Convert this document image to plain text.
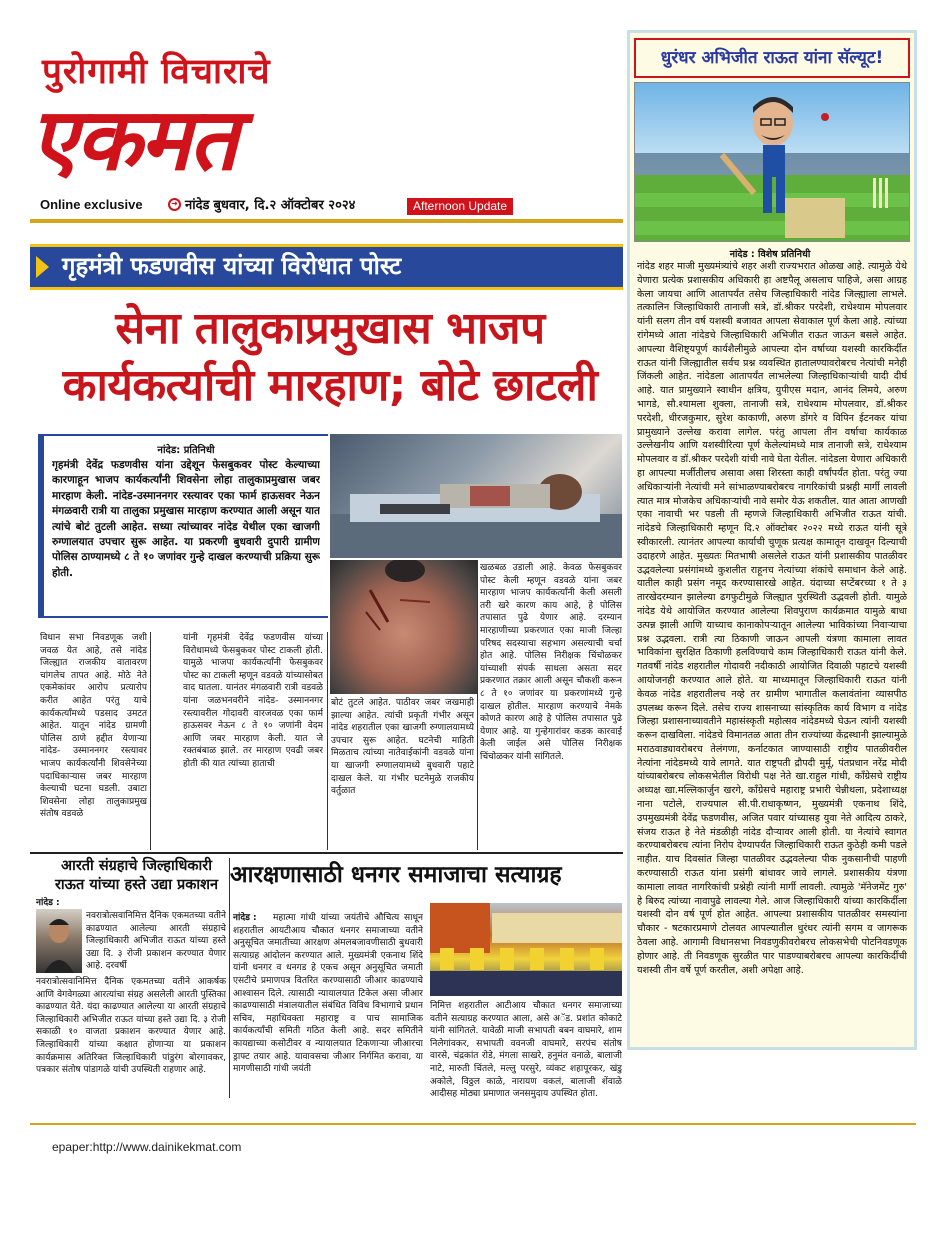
धुरंधर अभिजीत राऊत यांना सॅल्यूट!
नांदेड : विशेष प्रतिनिधी
नांदेड शहर माजी मुख्यमंत्र्यांचे शहर अशी राज्यभरात ओळख आहे. त्यामुळे येथे येणारा प्रत्येक प्रशासकीय अधिकारी हा अष्टपैलू असलाच पाहिजे, असा आग्रह केला जायचा आणि आतापर्यंत तसेच जिल्हाधिकारी नांदेड जिल्ह्याला लाभले. तत्कालिन जिल्हाधिकारी तानाजी सत्रे, डॉ.श्रीकर परदेशी, राधेश्याम मोपलवार यांनी सलग तीन वर्ष यशस्वी बजावत आपला सेवाकाल पूर्ण केला आहे. त्यांच्या रांगेमध्ये आता नांदेडचे जिल्हाधिकारी अभिजीत राऊत जाऊन बसले आहेत. आपल्या वैशिष्ट्यपूर्ण कार्यशैलीमुळे आपल्या दोन वर्षाच्या यशस्वी कारकिर्दीत राऊत यांनी जिल्ह्यातील सर्वच प्रश्न व्यवस्थित हातालण्यावरोबरच नेत्यांची मनेही जिंकली आहेत. नांदेडला आतापर्यंत लाभलेल्या जिल्हाधिकाऱ्यांची यादी दीर्घ आहे. यात प्रामुख्याने स्वाधीन क्षत्रिय, युपीएस मदान, आनंद लिमये, अरुण भागडे, सौ.श्यामला शुक्ला, तानाजी सत्रे, राधेश्याम मोपलवार, डॉ.श्रीकर परदेशी, धीरजकुमार, सुरेश काकाणी, अरुण डोंगरे व विपिन ईटनकर यांचा प्रामुख्याने उल्लेख करावा लागेल. परंतु आपला तीन वर्षाचा कार्यकाळ उल्लेखनीय आणि यशस्वीरित्या पूर्ण केलेल्यांमध्ये मात्र तानाजी सत्रे, राधेश्याम मोपलवार व डॉ.श्रीकर परदेशी यांची नावे घेता येतील. नांदेडला येणारा अधिकारी हा आपल्या मर्जीतीलच असावा असा शिरस्ता काही वर्षांपर्यंत होता. परंतु ज्या अधिकाऱ्यांनी नेत्यांची मने सांभाळण्याबरोबरच नागरिकांची प्रश्नही मार्गी लावली त्यात मात्र मोजकेच अधिकाऱ्यांची नावे समोर येऊ शकतील. यात आता आणखी एका नावाची भर पडली ती म्हणजे जिल्हाधिकारी अभिजीत राऊत यांची. नांदेडचे जिल्हाधिकारी म्हणून दि.२ ऑक्टोबर २०२२ मध्ये राऊत यांनी सूत्रे स्वीकारली. त्यानंतर आपल्या कार्याची चुणूक प्रत्यक्ष कामातून दाखवून दिल्याची उदाहरणे आहेत. मुख्यतः मितभाषी असलेले राऊत यांनी प्रशासकीय पातळीवर उद्भवलेल्या प्रसंगांमध्ये कुशलीत राहूनच नेत्यांच्या शंकांचे समाधान केले आहे. यातील काही प्रसंग नमूद करण्यासारखे आहेत. यंदाच्या सप्टेंबरच्या १ ते ३ तारखेदरम्यान झालेल्या ढगफुटीमुळे जिल्ह्यात पुरस्थिती उद्भवली होती. यामुळे नांदेड येथे आयोजित करण्यात आलेल्या शिवपुराण कार्यक्रमात यामुळे बाधा उत्पन्न झाली आणि याच्याच कानाकोपऱ्यातून आलेल्या भाविकांच्या निवाऱ्याचा प्रश्न उद्भवला. रात्री त्या ठिकाणी जाऊन आपली यंत्रणा कामाला लावत भाविकांना सुरक्षित ठिकाणी हलविण्याचे काम जिल्हाधिकारी राऊत यांनी केले. गतवर्षी नांदेड शहरातील गोदावरी नदीकाठी आयोजित दिवाळी पहाटचे यशस्वी आयोजनही करण्यात आले होते. या माध्यमातून जिल्हाधिकारी राऊत यांनी केवळ नांदेड शहरातीलच नव्हे तर ग्रामीण भागातील कलावंतांना व्यासपीठ उपलब्ध करून दिले. तसेच राज्य शासनाच्या सांस्कृतिक कार्य विभाग व नांदेड जिल्हा प्रशासनाच्यावतीने महासंस्कृती महोत्सव नांदेडमध्ये घेऊन त्यांनी यशस्वी करून दाखविला. नांदेडचे विमानतळ आता तीन राज्यांच्या केंद्रस्थानी झाल्यामुळे मराठवाड्यावरोबरच तेलंगणा, कर्नाटकात जाण्यासाठी राष्ट्रीय पातळीवरील नेत्यांना नांदेडमध्ये यावे लागते. यात राष्ट्रपती द्रौपदी मुर्मू, पंतप्रधान नरेंद्र मोदी यांच्याबरोबरच लोकसभेतील विरोधी पक्ष नेते खा.राहुल गांधी, काँग्रेसचे राष्ट्रीय अध्यक्ष खा.मल्लिकार्जुन खरगे, काँग्रेसचे महाराष्ट्र प्रभारी चेन्नीथला, प्रदेशाध्यक्ष नाना पटोले, राज्यपाल सी.पी.राधाकृष्णन, मुख्यमंत्री एकनाथ शिंदे, उपमुख्यमंत्री देवेंद्र फडणवीस, अजित पवार यांच्यासह युवा नेते आदित्य ठाकरे, संजय राऊत हे नेते मंडळीही नांदेड दौऱ्यावर आली होती. या नेत्यांचे स्वागत करण्याबरोबरच त्यांना निरोप देण्यापर्यंत जिल्हाधिकारी राऊत कुठेही कमी पडले नाहीत. याच दिवसांत जिल्हा पातळीवर उद्भवलेल्या पीक नुकसानीची पाहणी करण्यासाठी राऊत यांना प्रसंगी बांधावर जावे लागले. प्रशासकीय यंत्रणा कामाला लावत नागरिकांची प्रश्नेही त्यांनी मार्गी लावली. त्यामुळे 'मॅनेजमेंट गुरु' हे बिरुद त्यांच्या नावापुढे लावल्या गेले. आज जिल्हाधिकारी यांच्या कारकिर्दीला यशस्वी दोन वर्ष पूर्ण होत आहेत. आपल्या प्रशासकीय पातळीवर समस्यांना चौकार - षटकारप्रमाणे टोलवत आपल्यातील धुरंधर त्यांनी सगम व जागरूक ठेवला आहे. आगामी विधानसभा निवडणुकीवरोबरच लोकसभेची पोटनिवडणूक होणार आहे. ती निवडणूक सुरळीत पार पाडण्याबरोबरच आपल्या कारकिर्दीची यशस्वी तीन वर्षे पूर्ण करतील, अशी अपेक्षा आहे.
पुरोगामी विचाराचे
एकमत
Online exclusive	➜ नांदेड बुधवार, दि.२ ऑक्टोबर २०२४	Afternoon Update
गृहमंत्री फडणवीस यांच्या विरोधात पोस्ट
सेना तालुकाप्रमुखास भाजप
कार्यकर्त्याची मारहाण; बोटे छाटली
नांदेड: प्रतिनिधी
गृहमंत्री देवेंद्र फडणवीस यांना उद्देशून फेसबुकवर पोस्ट केल्याच्या कारणाहून भाजप कार्यकर्त्यांनी शिवसेना लोहा तालुकाप्रमुखास जबर मारहाण केली. नांदेड-उस्माननगर रस्त्यावर एका फार्म हाऊसवर नेऊन मंगळवारी रात्री या तालुका प्रमुखास मारहाण करण्यात आली असून यात त्यांचे बोटं तुटली आहेत. सध्या त्यांच्यावर नांदेड येथील एका खाजगी रुग्णालयात उपचार सुरू आहेत. या प्रकरणी बुधवारी दुपारी ग्रामीण पोलिस ठाण्यामध्ये ८ ते १० जणांवर गुन्हे दाखल करण्याची प्रक्रिया सुरू होती.
विधान सभा निवडणूक जशी जवळ येत आहे, तसे नांदेड जिल्ह्यात राजकीय वातावरण चांगलेच तापत आहे. मोठे नेते एकमेकांवर आरोप प्रत्यारोप करीत आहेत परंतु याचे कार्यकर्त्यांमध्ये पडसाद उमटत आहेत. यातून नांदेड ग्रामणी पोलिस ठाणे हद्दीत येणाऱ्या नांदेड- उस्माननगर रस्त्यावर भाजप कार्यकर्त्यांनी शिवसेनेच्या पदाधिकाऱ्यास जबर मारहाण केल्याची घटना घडली. उबाटा शिवसेना लोहा तालुकाप्रमुख संतोष वडवळे
यांनी गृहमंत्री देवेंद्र फडणवीस यांच्या विरोधामध्ये फेसबुकवर पोस्ट टाकली होती. यामुळे भाजपा कार्यकर्त्यांनी फेसबुकवर पोस्ट का टाकली म्हणून वडवळे यांच्यासोबत वाद घातला. यानंतर मंगळवारी रात्री वडवळे यांना जळभनवरीने नांदेड- उस्माननगर रस्त्यावरील गोदावरी वारजवळ एका फार्म हाऊसवर नेऊन ८ ते १० जणांनी वेदम आणि जबर मारहाण केली. यात जे रक्तबंबाळ झाले. तर मारहाण एवढी जबर होती की यात त्यांच्या हाताची
बोटं तुटले आहेत. पाठीवर जबर जखमाही झाल्या आहेत. त्यांची प्रकृती गंभीर असून नांदेड शहरातील एका खाजगी रुग्णालयामध्ये उपचार सुरू आहेत. घटनेची माहिती मिळताच त्यांच्या नातेवाईकांनी वडवळे यांना या खाजगी रुग्णालयामध्ये बुधवारी पहाटे दाखल केले. या गंभीर घटनेमुळे राजकीय वर्तुळात
खळबळ उडाली आहे. केवळ फेसबुकवर पोस्ट केली म्हणून वडवळे यांना जबर मारहाण भाजप कार्यकर्त्यांनी केली असली तरी खरे कारण काय आहे, हे पोलिस तपासात पुढे येणार आहे. दरम्यान मारहाणीच्या प्रकरणात एका माजी जिल्हा परिषद सदस्याचा सहभाग असल्याची चर्चा होत आहे. पोलिस निरीक्षक चिंचोळकर यांच्याशी संपर्क साधला असता सदर प्रकरणात तक्रार आली असून चौकशी करून ८ ते १० जणांवर या प्रकरणांमध्ये गुन्हे दाखल होतील. मारहाण करण्याचे नेमके कोणते कारण आहे हे पोलिस तपासात पुढे येणार आहे. या गुन्हेगारांवर कडक कारवाई केली जाईल असे पोलिस निरीक्षक चिंचोळकर यांनी सांगितले.
आरती संग्रहाचे जिल्हाधिकारी
राऊत यांच्या हस्ते उद्या प्रकाशन
नांदेड :
नवरात्रोत्सवानिमित्त दैनिक एकमतच्या वतीने काढण्यात आलेल्या आरती संग्रहाचे जिल्हाधिकारी अभिजीत राऊत यांच्या हस्ते उद्या दि. ३ रोजी प्रकाशन करण्यात येणार आहे. दरवर्षी
नवरात्रोत्सवानिमित्त दैनिक एकमतच्या वतीने आकर्षक आणि वेगवेगळ्या आरत्यांचा संग्रह असलेली आरती पुस्तिका काढण्यात येते. यंदा काढण्यात आलेल्या या आरती संग्रहाचे जिल्हाधिकारी अभिजीत राऊत यांच्या हस्ते उद्या दि. ३ रोजी सकाळी १० वाजता प्रकाशन करण्यात येणार आहे. जिल्हाधिकारी यांच्या कक्षात होणाऱ्या या प्रकाशन कार्यक्रमास अतिरिक्त जिल्हाधिकारी पांडुरंग बोरगावकर, पत्रकार संतोष पांडागळे यांची उपस्थिती राहणार आहे.
आरक्षणासाठी धनगर समाजाचा सत्याग्रह
नांदेड :	महात्मा गांधी यांच्या जयंतीचे औचित्य साधून शहरातील आयटीआय चौकात धनगर समाजाच्या वतीने अनुसूचित जमातीच्या आरक्षण अंमलबजावणीसाठी बुधवारी सत्याग्रह आंदोलन करण्यात आले. मुख्यमंत्री एकनाथ शिंदे यांनी धनगर व धनगड हे एकच असून अनुसूचित जमाती एसटीचे प्रमाणपत्र वितरित करण्यासाठी जीआर काढण्याचे आश्वासन दिले. त्यासाठी न्यायालयात टिकेल असा जीआर काढण्यासाठी मंत्रालयातील संबंधित विविध विभागाचे प्रधान सचिव, महाधिवक्ता महाराष्ट्र व पाच सामाजिक कार्यकर्त्यांची समिती गठित केली आहे. सदर समितीने कायद्याच्या कसोटीवर व न्यायालयात टिकणाऱ्या जीआरचा ड्राफ्ट तयार आहे. यावावसचा जीआर निर्गमित करावा, या मागणीसाठी गांधी जयंती
निमित्त शहरातील आटीआय चौकात धनगर समाजाच्या वतीने सत्याग्रह करण्यात आला, असे अॅड. प्रशांत कोकाटे यांनी सांगितले. यावेळी माजी सभापती बबन वाघमारे, शाम निलेगांवकर, सभापती ववनजी वाघमारे, सरपंच संतोष वारसे, चंद्रकांत रोडे, मंगला साखरे, हनुमंत वनाळे, बालाजी नाटे, मारुती चिंतले, मल्लु परसुरे, व्यंकट शहापूरकर, खंडु अकोले, विठ्ठल काळे, नारायण वकलं, बालाजी शेंवाळे आदीसह मोठ्या प्रमाणात जनसमुदाय उपस्थित होता.
epaper:http://www.dainikekmat.com
